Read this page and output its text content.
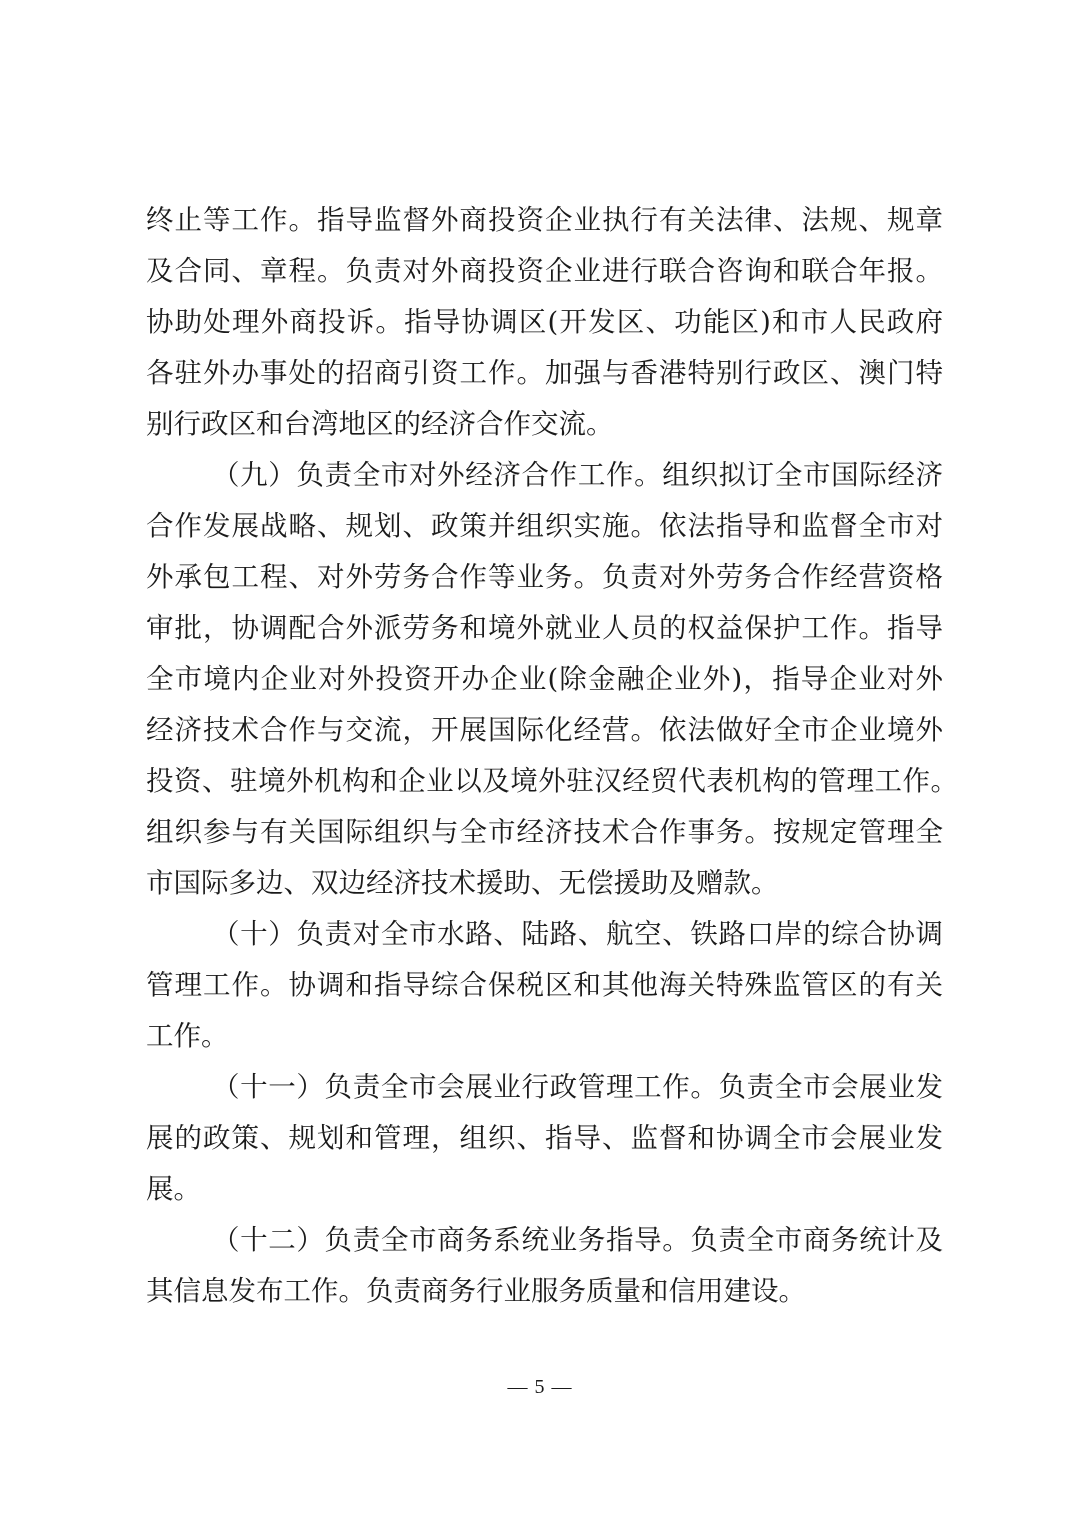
终止等工作。指导监督外商投资企业执行有关法律、法规、规章

及合同、章程。负责对外商投资企业进行联合咨询和联合年报。

协助处理外商投诉。指导协调区(开发区、功能区)和市人民政府

各驻外办事处的招商引资工作。加强与香港特别行政区、澳门特

别行政区和台湾地区的经济合作交流。

（九）负责全市对外经济合作工作。组织拟订全市国际经济

合作发展战略、规划、政策并组织实施。依法指导和监督全市对

外承包工程、对外劳务合作等业务。负责对外劳务合作经营资格

审批，协调配合外派劳务和境外就业人员的权益保护工作。指导

全市境内企业对外投资开办企业(除金融企业外)，指导企业对外

经济技术合作与交流，开展国际化经营。依法做好全市企业境外

投资、驻境外机构和企业以及境外驻汉经贸代表机构的管理工作。

组织参与有关国际组织与全市经济技术合作事务。按规定管理全

市国际多边、双边经济技术援助、无偿援助及赠款。

（十）负责对全市水路、陆路、航空、铁路口岸的综合协调

管理工作。协调和指导综合保税区和其他海关特殊监管区的有关

工作。

（十一）负责全市会展业行政管理工作。负责全市会展业发

展的政策、规划和管理，组织、指导、监督和协调全市会展业发

展。

（十二）负责全市商务系统业务指导。负责全市商务统计及

其信息发布工作。负责商务行业服务质量和信用建设。

— 5 —
